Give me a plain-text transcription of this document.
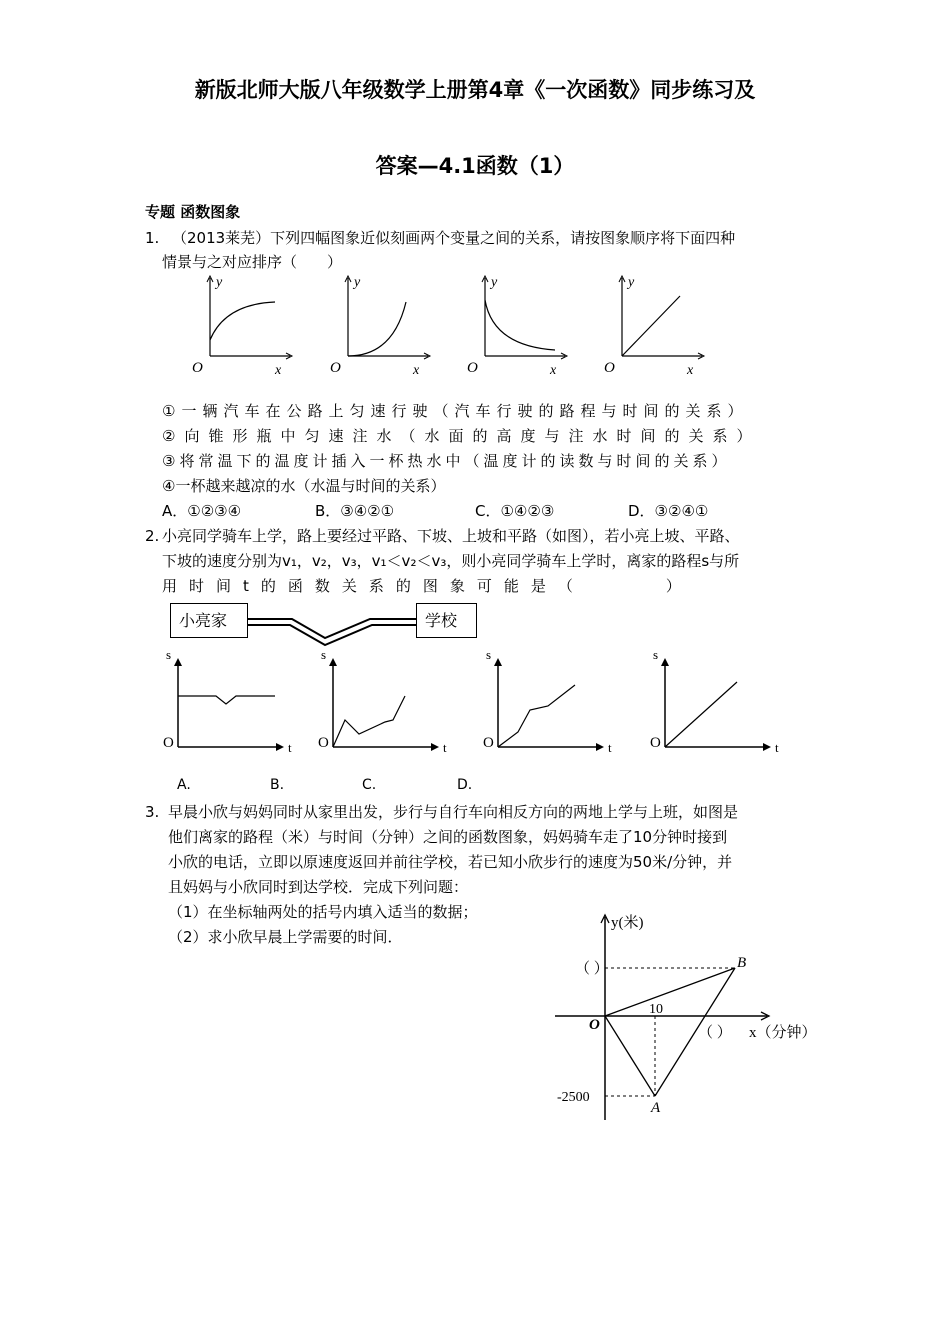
新版北师大版八年级数学上册第4章《一次函数》同步练习及
答案—4.1函数（1）
专题 函数图象
1. （2013莱芜）下列四幅图象近似刻画两个变量之间的关系，请按图象顺序将下面四种
情景与之对应排序（　　）
y
O	x
y
O	x
y
O	x
y
O	x
①一辆汽车在公路上匀速行驶（汽车行驶的路程与时间的关系）
②向锥形瓶中匀速注水（水面的高度与注水时间的关系）
③将常温下的温度计插入一杯热水中（温度计的读数与时间的关系）
④一杯越来越凉的水（水温与时间的关系）
A．①②③④	B．③④②①	C．①④②③	D．③②④①
2. 小亮同学骑车上学，路上要经过平路、下坡、上坡和平路（如图），若小亮上坡、平路、
下坡的速度分别为v₁，v₂，v₃，v₁＜v₂＜v₃，则小亮同学骑车上学时，离家的路程s与所
用时间t的函数关系的图象可能是（　　　）
小亮家	学校
s
O	t
s
O	t
s
O	t
s
O	t
A.	B.	C.	D.
3. 早晨小欣与妈妈同时从家里出发，步行与自行车向相反方向的两地上学与上班，如图是
他们离家的路程（米）与时间（分钟）之间的函数图象，妈妈骑车走了10分钟时接到
小欣的电话，立即以原速度返回并前往学校，若已知小欣步行的速度为50米/分钟，并
且妈妈与小欣同时到达学校．完成下列问题：
（1）在坐标轴两处的括号内填入适当的数据；
（2）求小欣早晨上学需要的时间．
y(米)
x（分钟）
O
10
-2500
（ ）
（ ）
A
B
